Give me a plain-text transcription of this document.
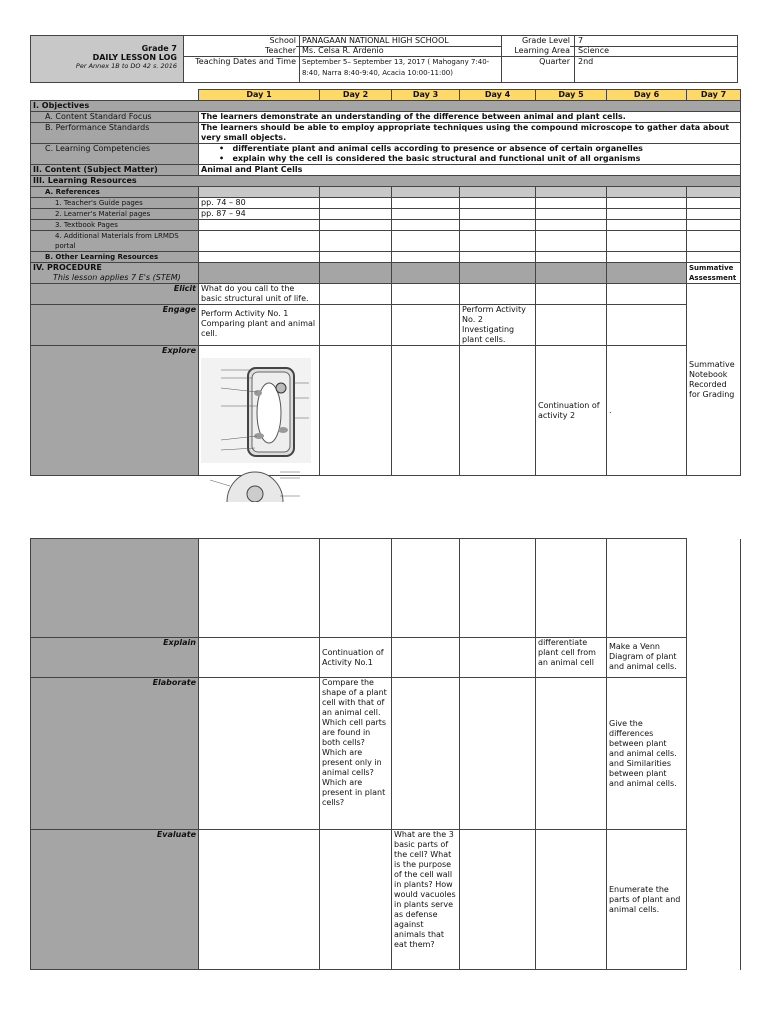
Grade 7
DAILY LESSON LOG
Per Annex 1B to DO 42 s. 2016
School PANAGAAN NATIONAL HIGH SCHOOL
Teacher Ms. Celsa R. Ardenio
Teaching Dates and Time September 5– September 13, 2017 ( Mahogany 7:40-8:40, Narra 8:40-9:40, Acacia 10:00-11:00)
Grade Level 7
Learning Area Science
Quarter 2nd
	Day 1	Day 2	Day 3	Day 4	Day 5	Day 6	Day 7
I. Objectives							
A. Content Standard Focus	The learners demonstrate an understanding of the difference between animal and plant cells.						
B. Performance Standards	The learners should be able to employ appropriate techniques using the compound microscope to gather data about very small objects.						
C. Learning Competencies	•   differentiate plant and animal cells according to presence or absence of certain organelles
•   explain why the cell is considered the basic structural and functional unit of all organisms						

II. Content (Subject Matter)	Animal and Plant Cells						
III. Learning Resources							
A. References							
1. Teacher's Guide pages	pp. 74 – 80						
2. Learner's Material pages	pp. 87 – 94						
3. Textbook Pages							
4. Additional Materials from LRMDS portal							
B. Other Learning Resources							

IV. PROCEDURE
This lesson applies 7 E's (STEM)							Summative Assessment
Elicit	What do you call to the basic structural unit of life.						Summative Notebook Recorded for Grading
Engage	Perform Activity No. 1 Comparing plant and animal cell.			Perform Activity No. 2 Investigating plant cells.			
Explore					Continuation of activity 2	.	

Explain		Continuation of Activity No.1			differentiate plant cell from an animal cell	Make a Venn Diagram of plant and animal cells.	
Elaborate		Compare the shape of a plant cell with that of an animal cell. Which cell parts are found in both cells? Which are present only in animal cells? Which are present in plant cells?				Give the differences between plant and animal cells. and Similarities between plant and animal cells.	
Evaluate			What are the 3 basic parts of the cell? What is the purpose of the cell wall in plants? How would vacuoles in plants serve as defense against animals that eat them?			Enumerate the parts of plant and animal cells.	
